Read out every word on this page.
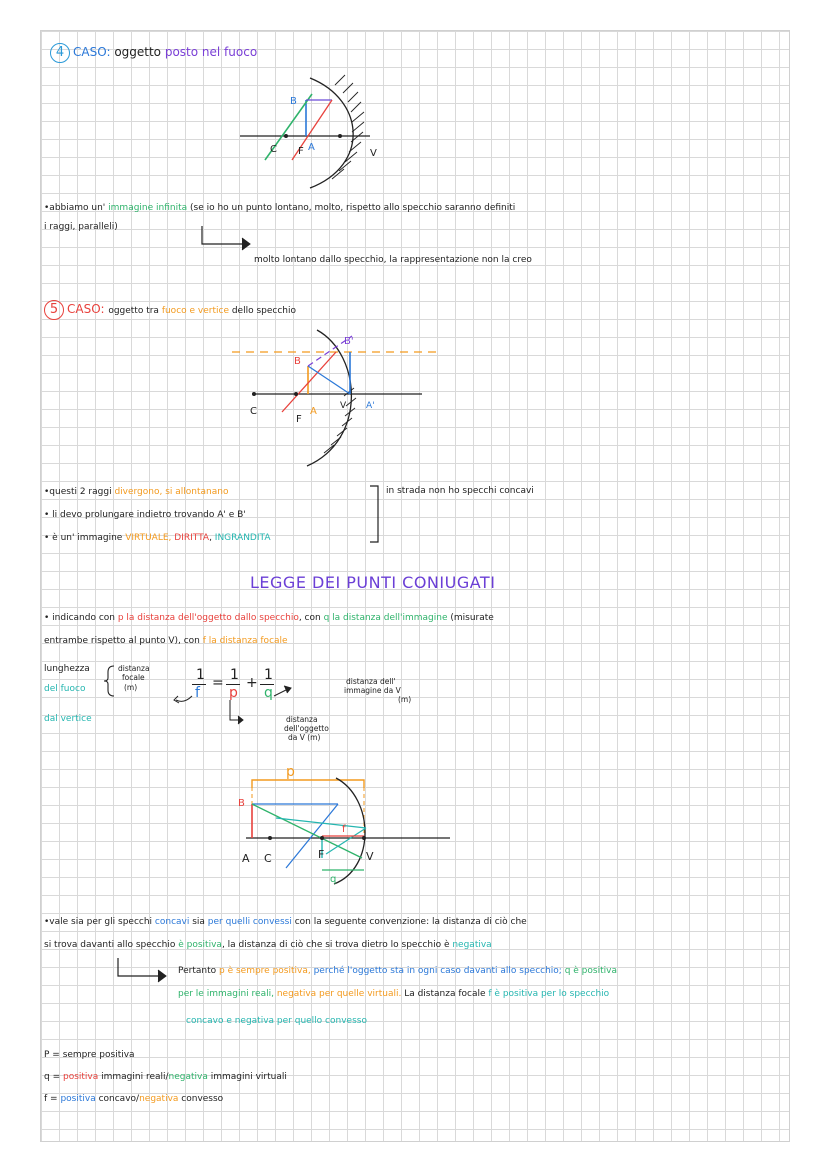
4 CASO: oggetto posto nel fuoco
B
C F A
V
•abbiamo un' immagine infinita (se io ho un punto lontano, molto, rispetto allo specchio saranno definiti
i raggi, paralleli)
molto lontano dallo specchio, la rappresentazione non la creo
5 CASO: oggetto tra fuoco e vertice dello specchio
B'
B
C
F
A	V A'
•questi 2 raggi divergono, si allontanano
• li devo prolungare indietro trovando A' e B'
• è un' immagine VIRTUALE, DIRITTA, INGRANDITA
in strada non ho specchi concavi
LEGGE DEI PUNTI CONIUGATI
• indicando con p la distanza dell'oggetto dallo specchio, con q la distanza dell'immagine (misurate
entrambe rispetto al punto V), con f la distanza focale
lunghezza
del fuoco
dal vertice
distanza
focale
(m)
1
f
= 1
p
+ 1
q
distanza dell'
immagine da V
(m)
distanza
dell'oggetto
da V (m)
p
f
q
B
A C	F	V
•vale sia per gli specchi concavi sia per quelli convessi con la seguente convenzione: la distanza di ciò che
si trova davanti allo specchio è positiva, la distanza di ciò che si trova dietro lo specchio è negativa
Pertanto p è sempre positiva, perché l'oggetto sta in ogni caso davanti allo specchio; q è positiva
per le immagini reali, negativa per quelle virtuali. La distanza focale f è positiva per lo specchio
concavo e negativa per quello convesso
P = sempre positiva
q = positiva immagini reali/negativa immagini virtuali
f = positiva concavo/negativa convesso
